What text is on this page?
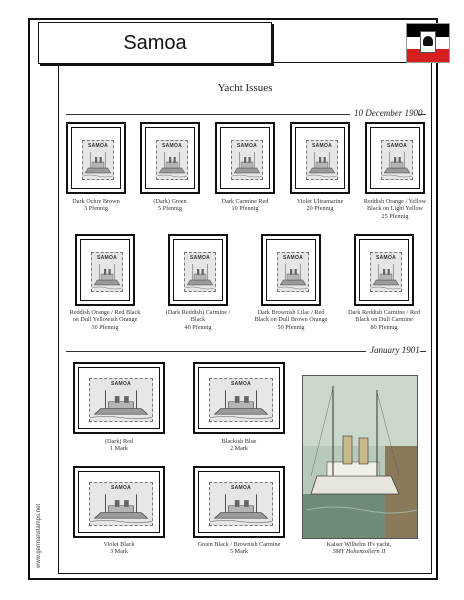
Samoa
Yacht Issues
10 December 1900
January 1901
SAMOA
Dark Ochre Brown
3 Pfennig
SAMOA
(Dark) Green
5 Pfennig
SAMOA
Dark Carmine Red
10 Pfennig
SAMOA
Violet Ultramarine
20 Pfennig
SAMOA
Reddish Orange / Yellow
Black on Light Yellow
25 Pfennig
SAMOA
Reddish Orange / Red Black
on Dull Yellowish Orange
30 Pfennig
SAMOA
(Dark Reddish) Carmine /
Black
40 Pfennig
SAMOA
Dark Brownish Lilac / Red
Black on Dull Brown Orange
50 Pfennig
SAMOA
Dark Reddish Carmine / Red
Black on Dull Carmine
80 Pfennig
SAMOA
(Dark) Red
1 Mark
SAMOA
Blackish Blue
2 Mark
SAMOA
Violet Black
3 Mark
SAMOA
Green Black / Brownish Carmine
5 Mark
Kaiser Wilhelm II's yacht,
SMY Hohenzollern II
www.germanstamps.net
